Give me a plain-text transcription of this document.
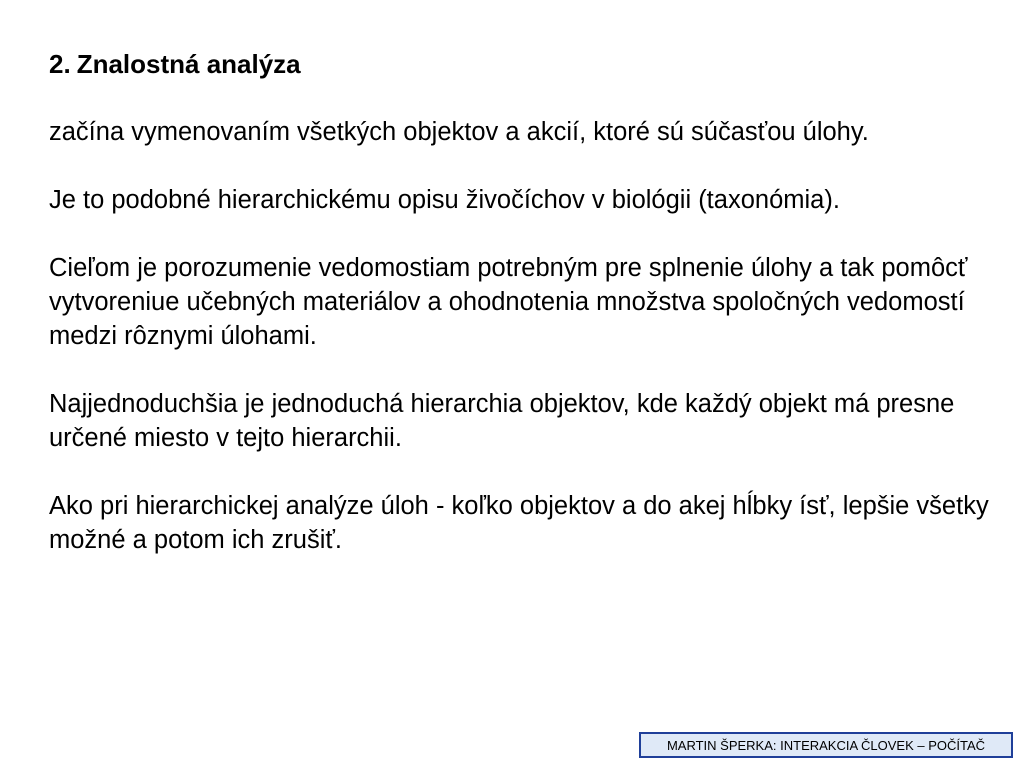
2. Znalostná analýza

začína vymenovaním všetkých objektov a akcií, ktoré sú súčasťou úlohy.

Je to podobné hierarchickému opisu živočíchov v biológii (taxonómia).

Cieľom je porozumenie vedomostiam potrebným pre splnenie úlohy a tak pomôcť vytvoreniue učebných materiálov a ohodnotenia množstva spoločných vedomostí medzi rôznymi úlohami.

Najjednoduchšia je jednoduchá hierarchia objektov, kde každý objekt má presne určené miesto v tejto hierarchii.

Ako pri hierarchickej analýze úloh - koľko objektov a do akej hĺbky ísť, lepšie všetky možné a potom ich zrušiť.

MARTIN ŠPERKA: INTERAKCIA ČLOVEK – POČÍTAČ
